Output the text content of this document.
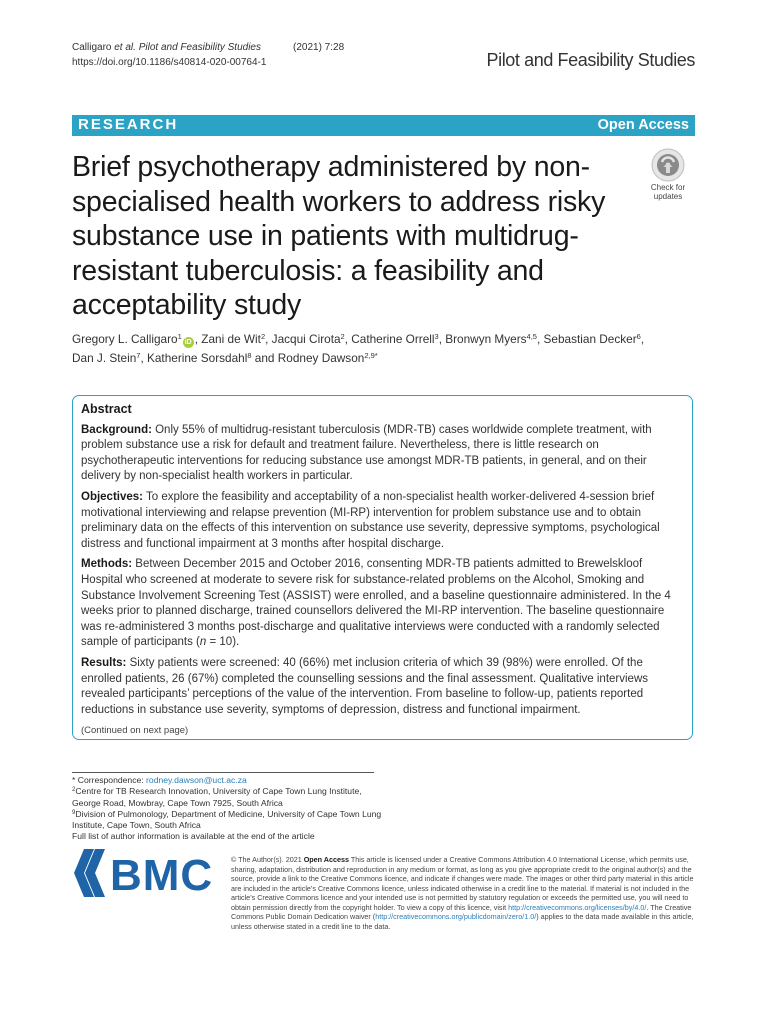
Calligaro et al. Pilot and Feasibility Studies	(2021) 7:28
https://doi.org/10.1186/s40814-020-00764-1	Pilot and Feasibility Studies
RESEARCH	Open Access
Brief psychotherapy administered by non-
specialised health workers to address risky
substance use in patients with multidrug-
resistant tuberculosis: a feasibility and
acceptability study
Check for
updates
Gregory L. Calligaro$^1$iD , Zani de Wit$^2$, Jacqui Cirota$^2$, Catherine Orrell$^3$, Bronwyn Myers$^{4,5}$, Sebastian Decker$^6$,
Dan J. Stein$^7$, Katherine Sorsdahl$^8$ and Rodney Dawson$^{2,9*}$
Abstract
Background: Only 55% of multidrug-resistant tuberculosis (MDR-TB) cases worldwide complete treatment, with problem substance use a risk for default and treatment failure. Nevertheless, there is little research on psychotherapeutic interventions for reducing substance use amongst MDR-TB patients, in general, and on their delivery by non-specialist health workers in particular.
Objectives: To explore the feasibility and acceptability of a non-specialist health worker-delivered 4-session brief motivational interviewing and relapse prevention (MI-RP) intervention for problem substance use and to obtain preliminary data on the effects of this intervention on substance use severity, depressive symptoms, psychological distress and functional impairment at 3 months after hospital discharge.
Methods: Between December 2015 and October 2016, consenting MDR-TB patients admitted to Brewelskloof Hospital who screened at moderate to severe risk for substance-related problems on the Alcohol, Smoking and Substance Involvement Screening Test (ASSIST) were enrolled, and a baseline questionnaire administered. In the 4 weeks prior to planned discharge, trained counsellors delivered the MI-RP intervention. The baseline questionnaire was re-administered 3 months post-discharge and qualitative interviews were conducted with a randomly selected sample of participants (n = 10).
Results: Sixty patients were screened: 40 (66%) met inclusion criteria of which 39 (98%) were enrolled. Of the enrolled patients, 26 (67%) completed the counselling sessions and the final assessment. Qualitative interviews revealed participants’ perceptions of the value of the intervention. From baseline to follow-up, patients reported reductions in substance use severity, symptoms of depression, distress and functional impairment.
(Continued on next page)
* Correspondence: rodney.dawson@uct.ac.za
$^2$Centre for TB Research Innovation, University of Cape Town Lung Institute, George Road, Mowbray, Cape Town 7925, South Africa
$^9$Division of Pulmonology, Department of Medicine, University of Cape Town Lung Institute, Cape Town, South Africa
Full list of author information is available at the end of the article
BMC © The Author(s). 2021 Open Access This article is licensed under a Creative Commons Attribution 4.0 International License, which permits use, sharing, adaptation, distribution and reproduction in any medium or format, as long as you give appropriate credit to the original author(s) and the source, provide a link to the Creative Commons licence, and indicate if changes were made. The images or other third party material in this article are included in the article’s Creative Commons licence, unless indicated otherwise in a credit line to the material. If material is not included in the article’s Creative Commons licence and your intended use is not permitted by statutory regulation or exceeds the permitted use, you will need to obtain permission directly from the copyright holder. To view a copy of this licence, visit http://creativecommons.org/licenses/by/4.0/. The Creative Commons Public Domain Dedication waiver (http://creativecommons.org/publicdomain/zero/1.0/) applies to the data made available in this article, unless otherwise stated in a credit line to the data.
